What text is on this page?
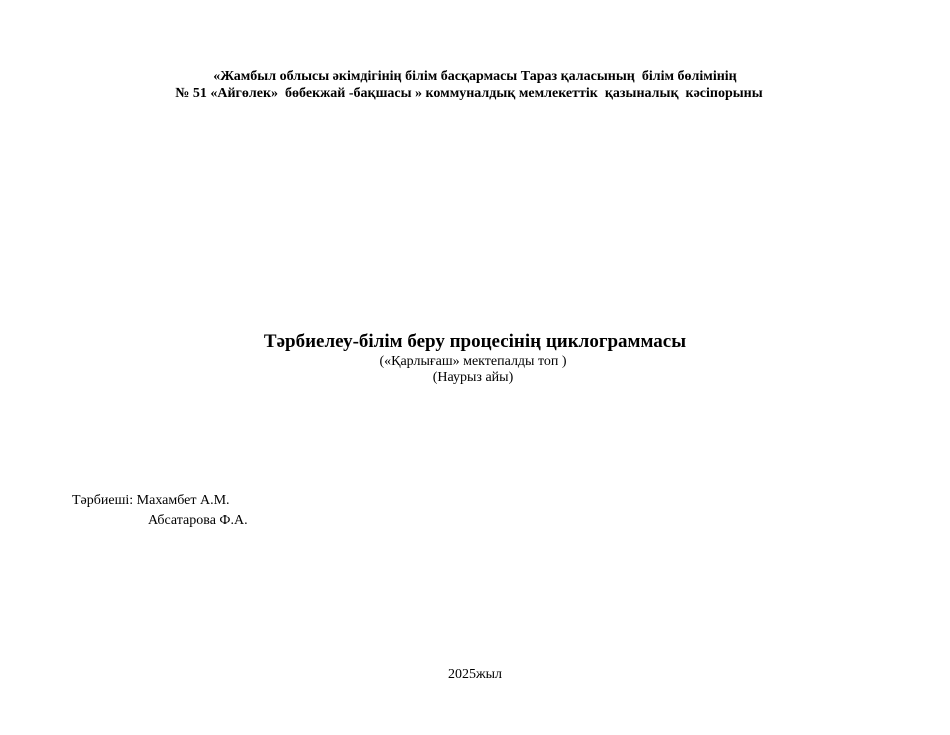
«Жамбыл облысы әкімдігінің білім басқармасы Тараз қаласының  білім бөлімінің
№ 51 «Айгөлек»  бөбекжай -бақшасы » коммуналдық мемлекеттік  қазыналық  кәсіпорыны
Тәрбиелеу-білім беру процесінің циклограммасы
(«Қарлығаш» мектепалды топ )
(Наурыз айы)
Тәрбиеші: Махамбет А.М.
Абсатарова Ф.А.
2025жыл
